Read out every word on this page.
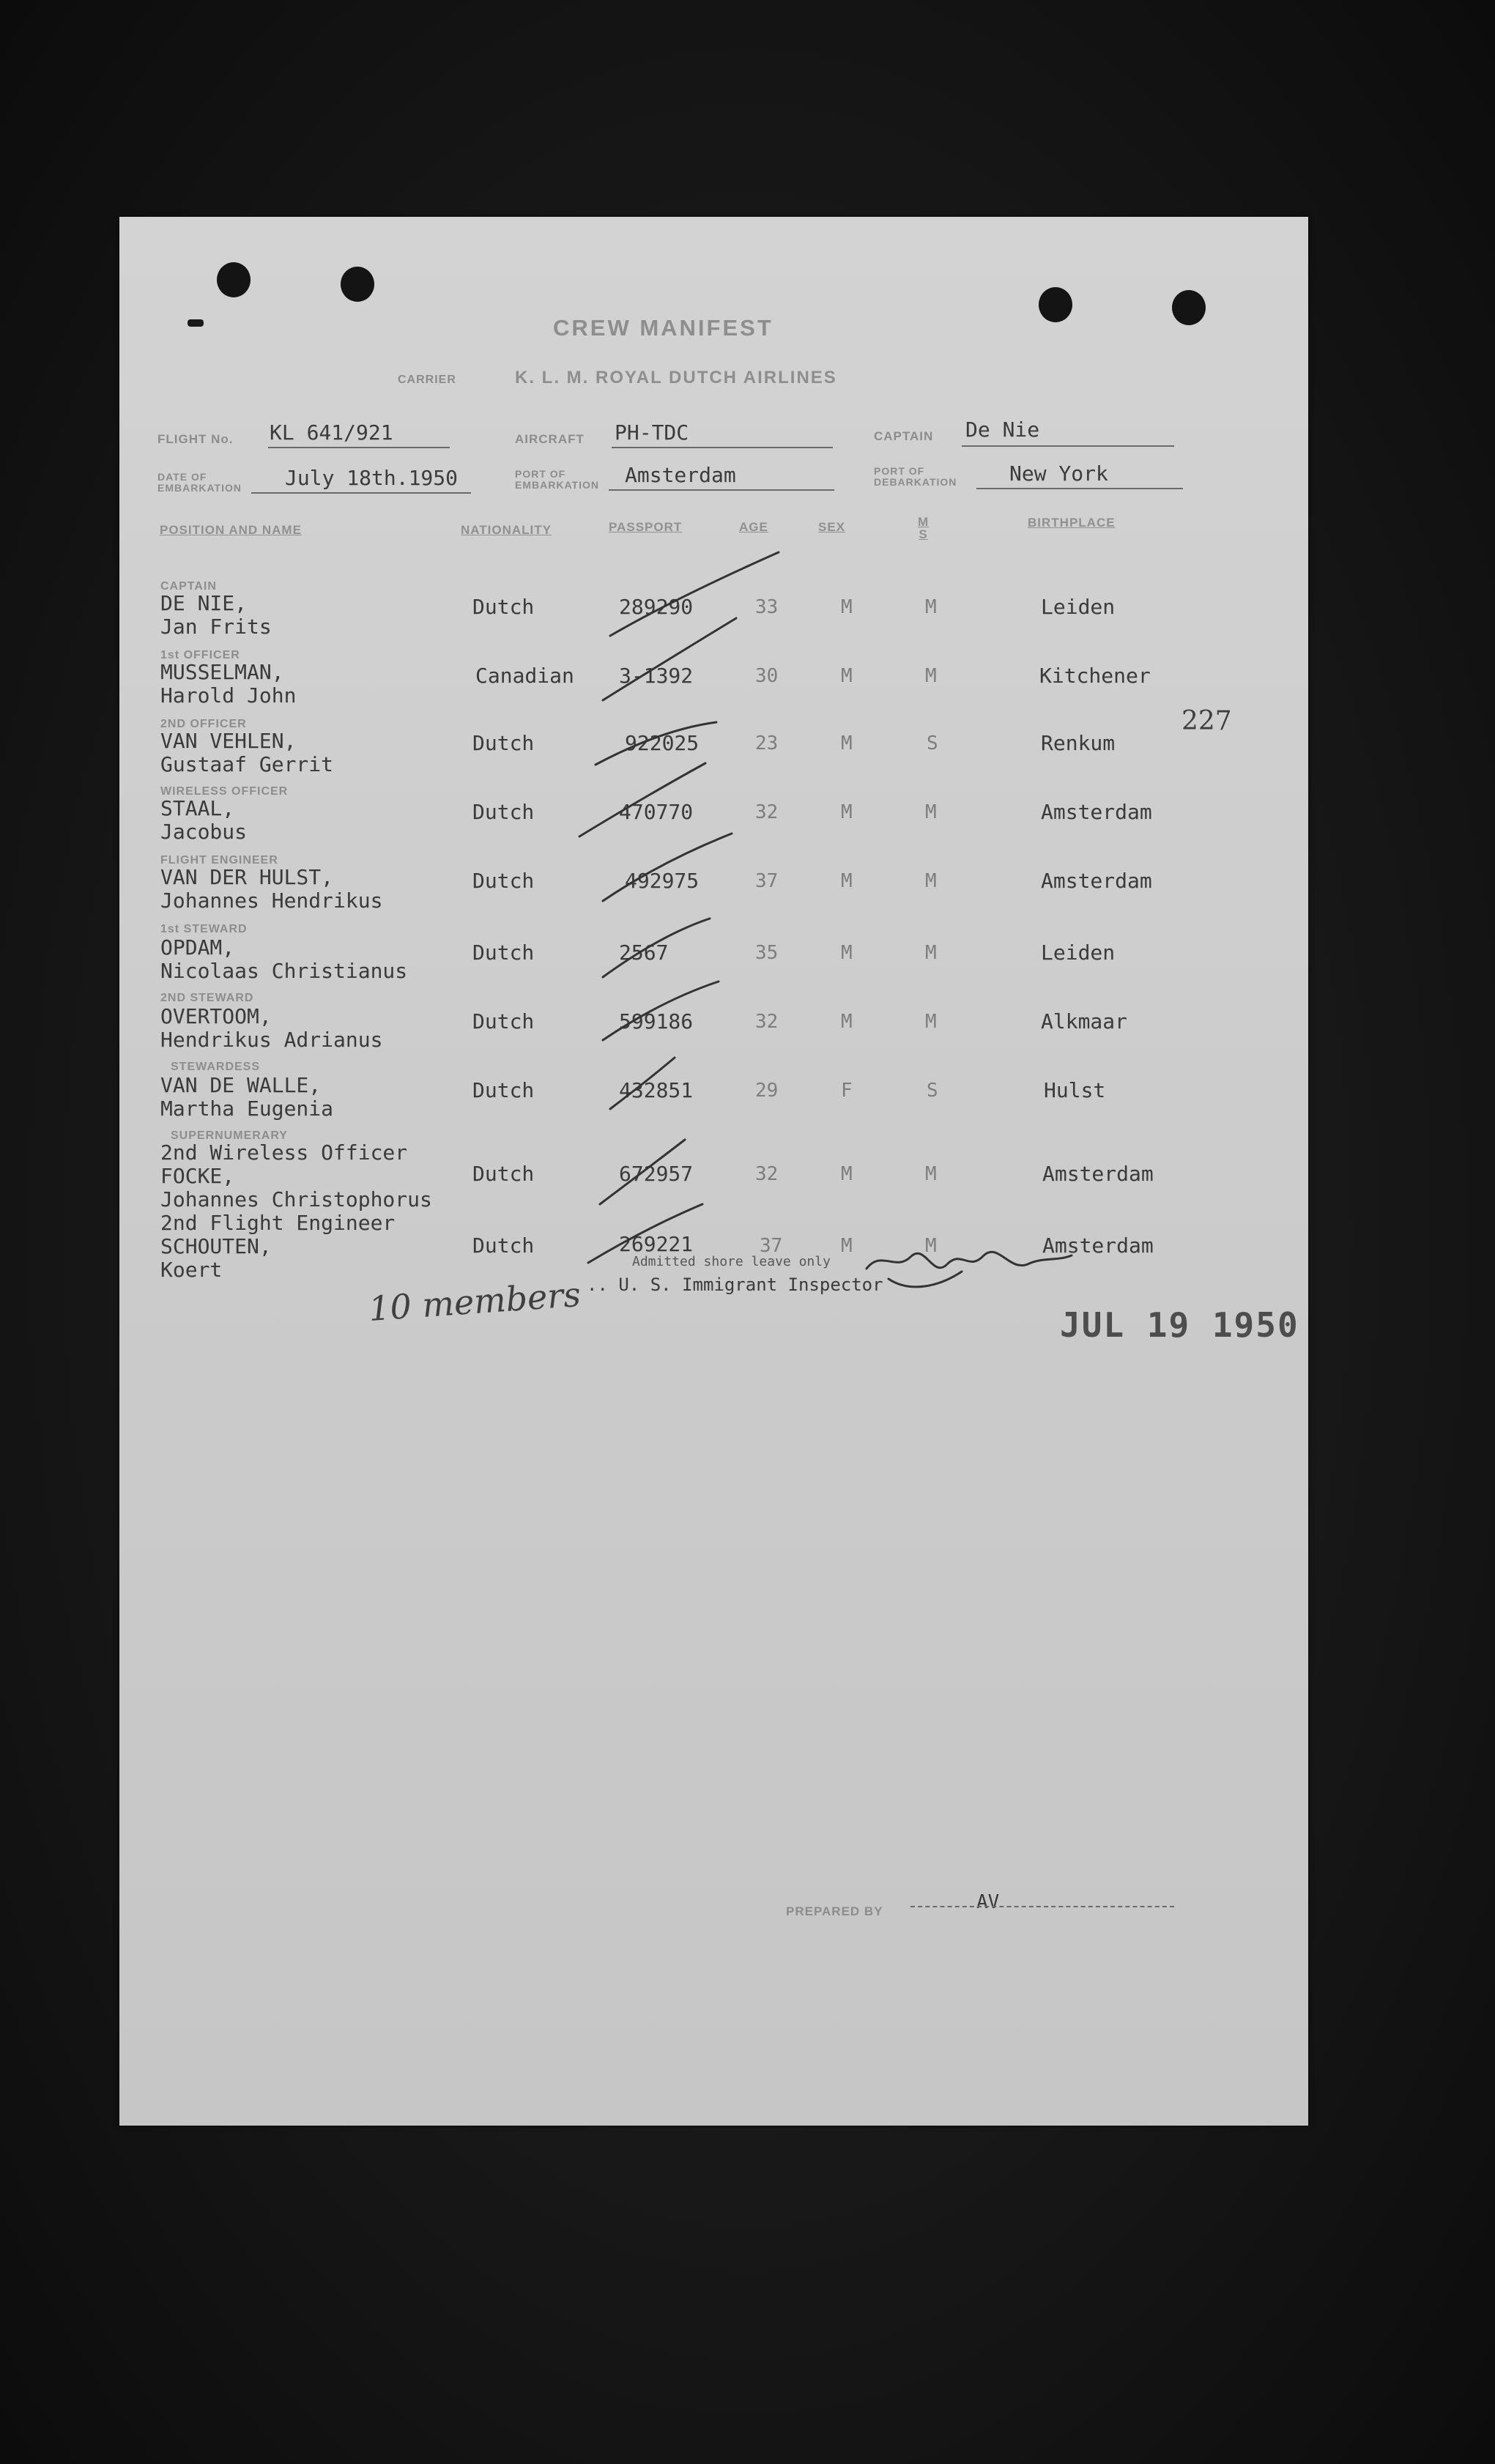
CREW MANIFEST
CARRIER	K. L. M. ROYAL DUTCH AIRLINES
FLIGHT No. KL 641/921	AIRCRAFT PH-TDC	CAPTAIN De Nie
DATE OF
EMBARKATION July 18th.1950	PORT OF
EMBARKATION Amsterdam	PORT OF
DEBARKATION	New York
POSITION AND NAME	NATIONALITY	PASSPORT	AGE	SEX	M
S
BIRTHPLACE
CAPTAIN
DE NIE,
Jan Frits
Dutch	289290	33	M	M	Leiden
1st OFFICER
MUSSELMAN,
Harold John
Canadian 3-1392	30	M	M	Kitchener
2ND OFFICER
VAN VEHLEN,
Gustaaf Gerrit
Dutch	922025	23	M	S	Renkum
WIRELESS OFFICER
STAAL,
Jacobus
Dutch	470770	32	M	M	Amsterdam
FLIGHT ENGINEER
VAN DER HULST,
Johannes Hendrikus
Dutch	492975	37	M	M	Amsterdam
1st STEWARD
OPDAM,
Nicolaas Christianus
Dutch	2567	35	M	M	Leiden
2ND STEWARD
OVERTOOM,
Hendrikus Adrianus
Dutch	599186	32	M	M	Alkmaar
STEWARDESS
VAN DE WALLE,
Martha Eugenia
Dutch	432851	29	F	S	Hulst
SUPERNUMERARY
2nd Wireless Officer
FOCKE,
Johannes Christophorus
Dutch	672957	32	M	M	Amsterdam
2nd Flight Engineer
SCHOUTEN,
Koert
Dutch	269221	37	M	M	Amsterdam
227
Admitted shore leave only
.. U. S. Immigrant Inspector
10 members	JUL 19 1950
PREPARED BY	AV
